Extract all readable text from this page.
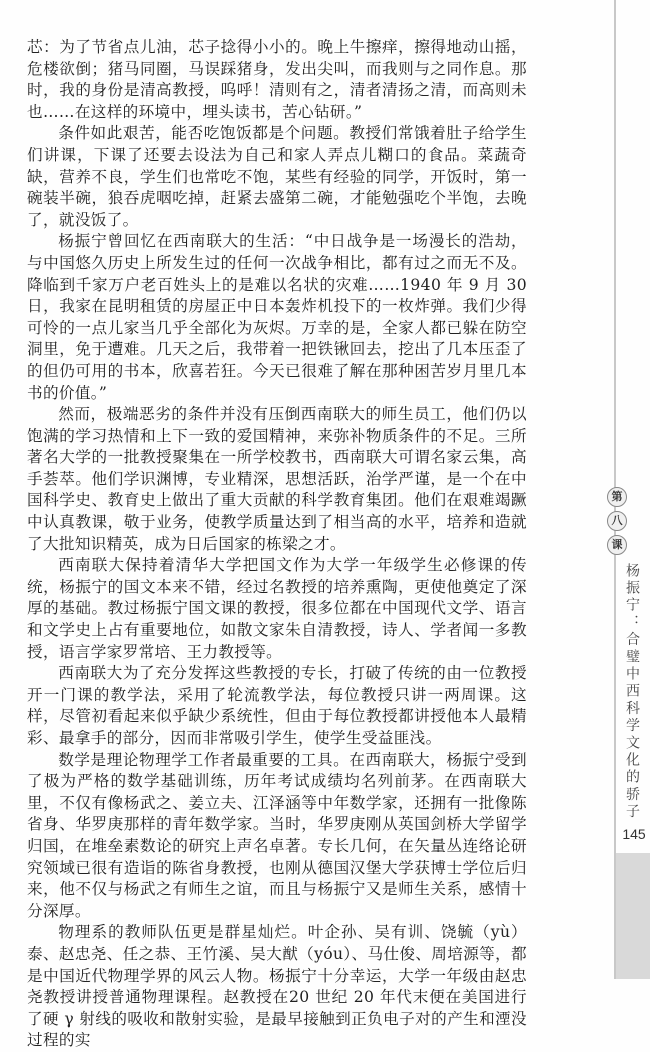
芯：为了节省点儿油，芯子捻得小小的。晚上牛擦痒，擦得地动山摇，危楼欲倒；猪马同圈，马误踩猪身，发出尖叫，而我则与之同作息。那时，我的身份是清高教授，呜呼！清则有之，清者清扬之清，而高则未也……在这样的环境中，埋头读书，苦心钻研。”

条件如此艰苦，能否吃饱饭都是个问题。教授们常饿着肚子给学生们讲课，下课了还要去设法为自己和家人弄点儿糊口的食品。菜蔬奇缺，营养不良，学生们也常吃不饱，某些有经验的同学，开饭时，第一碗装半碗，狼吞虎咽吃掉，赶紧去盛第二碗，才能勉强吃个半饱，去晚了，就没饭了。

杨振宁曾回忆在西南联大的生活：“中日战争是一场漫长的浩劫，与中国悠久历史上所发生过的任何一次战争相比，都有过之而无不及。降临到千家万户老百姓头上的是难以名状的灾难……1940 年 9 月 30 日，我家在昆明租赁的房屋正中日本轰炸机投下的一枚炸弹。我们少得可怜的一点儿家当几乎全部化为灰烬。万幸的是，全家人都已躲在防空洞里，免于遭难。几天之后，我带着一把铁锹回去，挖出了几本压歪了的但仍可用的书本，欣喜若狂。今天已很难了解在那种困苦岁月里几本书的价值。”

然而，极端恶劣的条件并没有压倒西南联大的师生员工，他们仍以饱满的学习热情和上下一致的爱国精神，来弥补物质条件的不足。三所著名大学的一批教授聚集在一所学校教书，西南联大可谓名家云集，高手荟萃。他们学识渊博，专业精深，思想活跃，治学严谨，是一个在中国科学史、教育史上做出了重大贡献的科学教育集团。他们在艰难竭蹶中认真教课，敬于业务，使教学质量达到了相当高的水平，培养和造就了大批知识精英，成为日后国家的栋梁之才。

西南联大保持着清华大学把国文作为大学一年级学生必修课的传统，杨振宁的国文本来不错，经过名教授的培养熏陶，更使他奠定了深厚的基础。教过杨振宁国文课的教授，很多位都在中国现代文学、语言和文学史上占有重要地位，如散文家朱自清教授，诗人、学者闻一多教授，语言学家罗常培、王力教授等。

西南联大为了充分发挥这些教授的专长，打破了传统的由一位教授开一门课的教学法，采用了轮流教学法，每位教授只讲一两周课。这样，尽管初看起来似乎缺少系统性，但由于每位教授都讲授他本人最精彩、最拿手的部分，因而非常吸引学生，使学生受益匪浅。

数学是理论物理学工作者最重要的工具。在西南联大，杨振宁受到了极为严格的数学基础训练，历年考试成绩均名列前茅。在西南联大里，不仅有像杨武之、姜立夫、江泽涵等中年数学家，还拥有一批像陈省身、华罗庚那样的青年数学家。当时，华罗庚刚从英国剑桥大学留学归国，在堆垒素数论的研究上声名卓著。专长几何，在矢量丛连络论研究领域已很有造诣的陈省身教授，也刚从德国汉堡大学获博士学位后归来，他不仅与杨武之有师生之谊，而且与杨振宁又是师生关系，感情十分深厚。

物理系的教师队伍更是群星灿烂。叶企孙、吴有训、饶毓（yù）泰、赵忠尧、任之恭、王竹溪、吴大猷（yóu）、马仕俊、周培源等，都是中国近代物理学界的风云人物。杨振宁十分幸运，大学一年级由赵忠尧教授讲授普通物理课程。赵教授在20 世纪 20 年代末便在美国进行了硬 γ 射线的吸收和散射实验，是最早接触到正负电子对的产生和湮没过程的实

第
八
课
杨振宁：合璧中西科学文化的骄子
145
